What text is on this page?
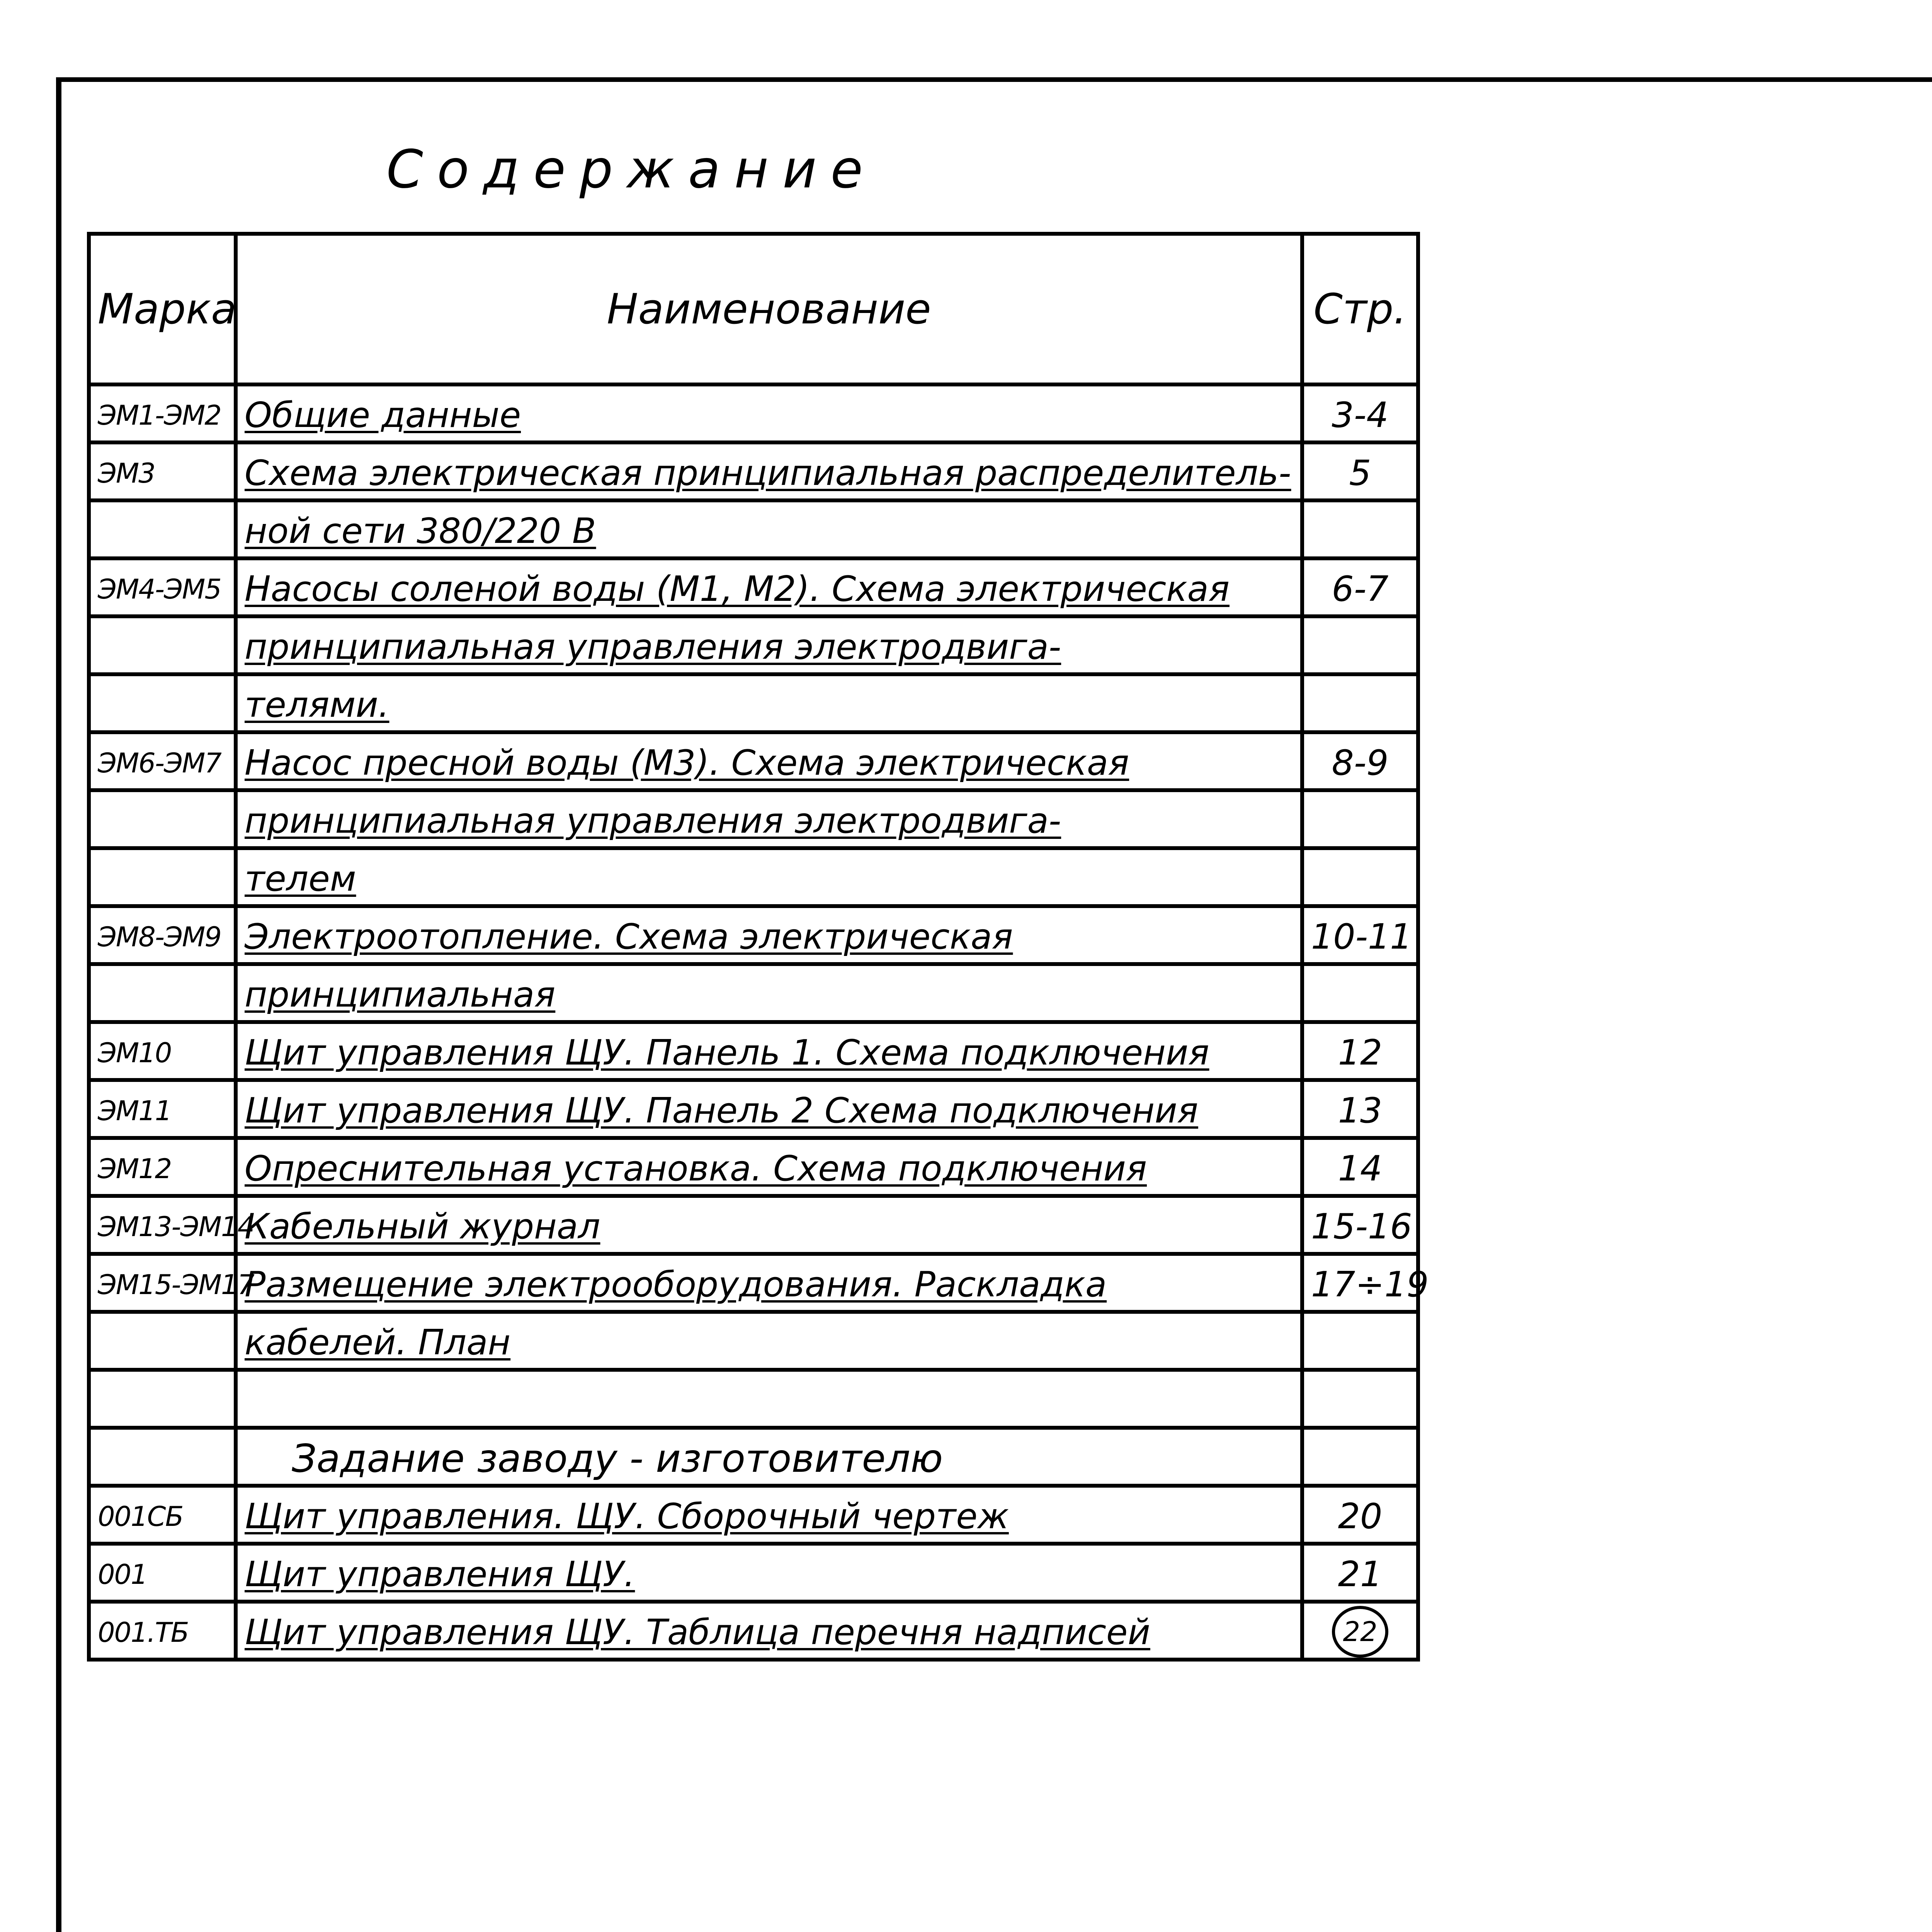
Содержание
Марка	Наименование	Стр.
ЭМ1-ЭМ2	Общие данные	3-4
ЭМ3	Схема электрическая принципиальная распределитель-	5
	ной сети 380/220 В	
ЭМ4-ЭМ5	Насосы соленой воды (М1, М2). Схема электрическая	6-7
	принципиальная управления электродвига-	
	телями.	
ЭМ6-ЭМ7	Насос пресной воды (М3). Схема электрическая	8-9
	принципиальная управления электродвига-	
	телем	
ЭМ8-ЭМ9	Электроотопление. Схема электрическая	10-11
	принципиальная	
ЭМ10	Щит управления ЩУ. Панель 1. Схема подключения	12
ЭМ11	Щит управления ЩУ. Панель 2 Схема подключения	13
ЭМ12	Опреснительная установка. Схема подключения	14
ЭМ13-ЭМ14	Кабельный журнал	15-16
ЭМ15-ЭМ17	Размещение электрооборудования. Раскладка	17÷19
	кабелей. План	

	Задание заводу - изготовителю	
001СБ	Щит управления. ЩУ. Сборочный чертеж	20
001	Щит управления ЩУ.	21
001.ТБ	Щит управления ЩУ. Таблица перечня надписей	22
